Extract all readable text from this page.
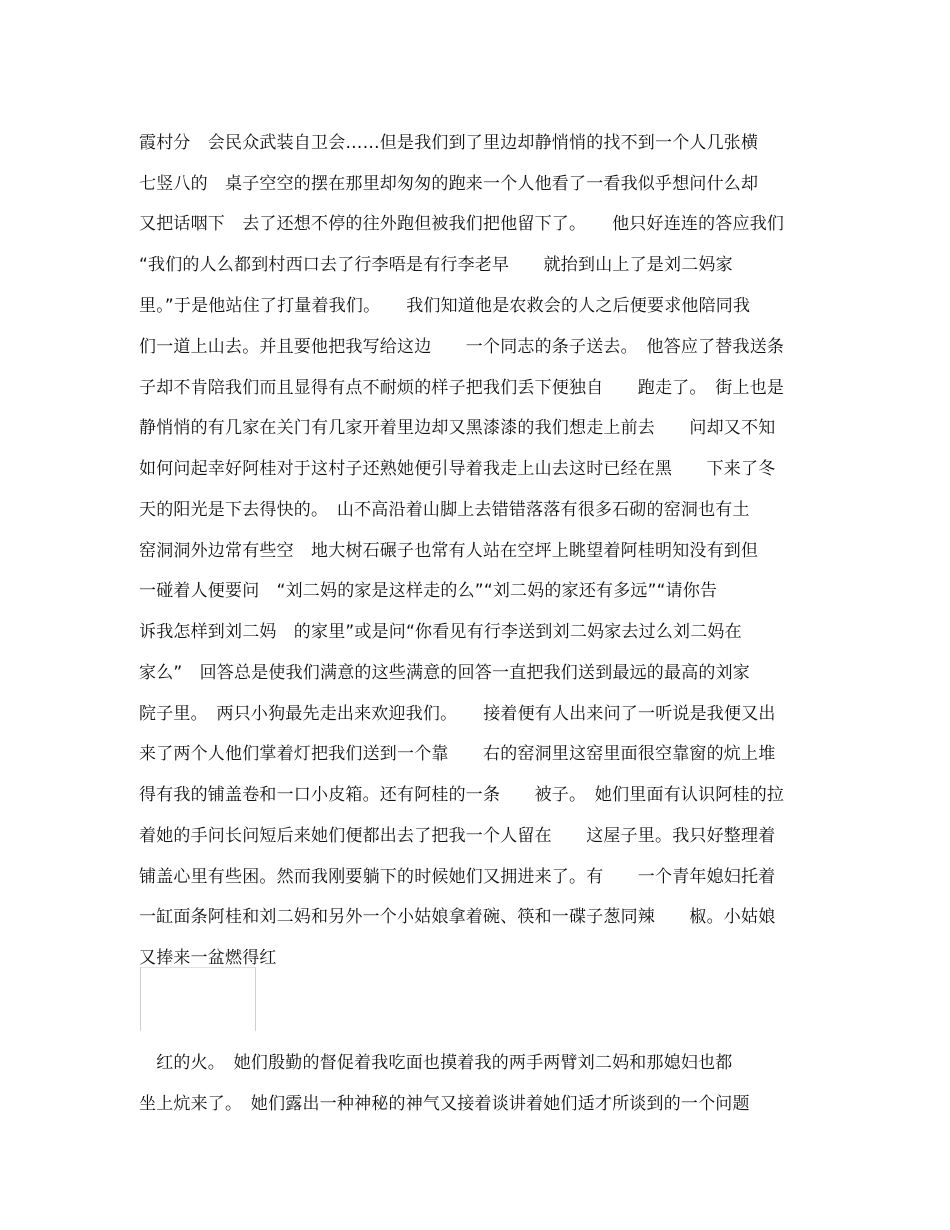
霞村分　会民众武装自卫会……但是我们到了里边却静悄悄的找不到一个人几张横
七竖八的　桌子空空的摆在那里却匆匆的跑来一个人他看了一看我似乎想问什么却
又把话咽下　去了还想不停的往外跑但被我们把他留下了。　　他只好连连的答应我们
“我们的人么都到村西口去了行李唔是有行李老早　　就抬到山上了是刘二妈家
里。”于是他站住了打量着我们。　　我们知道他是农救会的人之后便要求他陪同我
们一道上山去。并且要他把我写给这边　　一个同志的条子送去。　他答应了替我送条
子却不肯陪我们而且显得有点不耐烦的样子把我们丢下便独自　　跑走了。　街上也是
静悄悄的有几家在关门有几家开着里边却又黑漆漆的我们想走上前去　　问却又不知
如何问起幸好阿桂对于这村子还熟她便引导着我走上山去这时已经在黑　　下来了冬
天的阳光是下去得快的。　山不高沿着山脚上去错错落落有很多石砌的窑洞也有土
窑洞洞外边常有些空　地大树石碾子也常有人站在空坪上眺望着阿桂明知没有到但
一碰着人便要问　“刘二妈的家是这样走的么”“刘二妈的家还有多远”“请你告
诉我怎样到刘二妈　的家里”或是问“你看见有行李送到刘二妈家去过么刘二妈在
家么”　回答总是使我们满意的这些满意的回答一直把我们送到最远的最高的刘家
院子里。　两只小狗最先走出来欢迎我们。　　接着便有人出来问了一听说是我便又出
来了两个人他们掌着灯把我们送到一个靠　　右的窑洞里这窑里面很空靠窗的炕上堆
得有我的铺盖卷和一口小皮箱。还有阿桂的一条　　被子。　她们里面有认识阿桂的拉
着她的手问长问短后来她们便都出去了把我一个人留在　　这屋子里。我只好整理着
铺盖心里有些困。然而我刚要躺下的时候她们又拥进来了。有　　一个青年媳妇托着
一缸面条阿桂和刘二妈和另外一个小姑娘拿着碗、筷和一碟子葱同辣　　椒。小姑娘
又捧来一盆燃得红
　红的火。　她们殷勤的督促着我吃面也摸着我的两手两臂刘二妈和那媳妇也都
坐上炕来了。　她们露出一种神秘的神气又接着谈讲着她们适才所谈到的一个问题
